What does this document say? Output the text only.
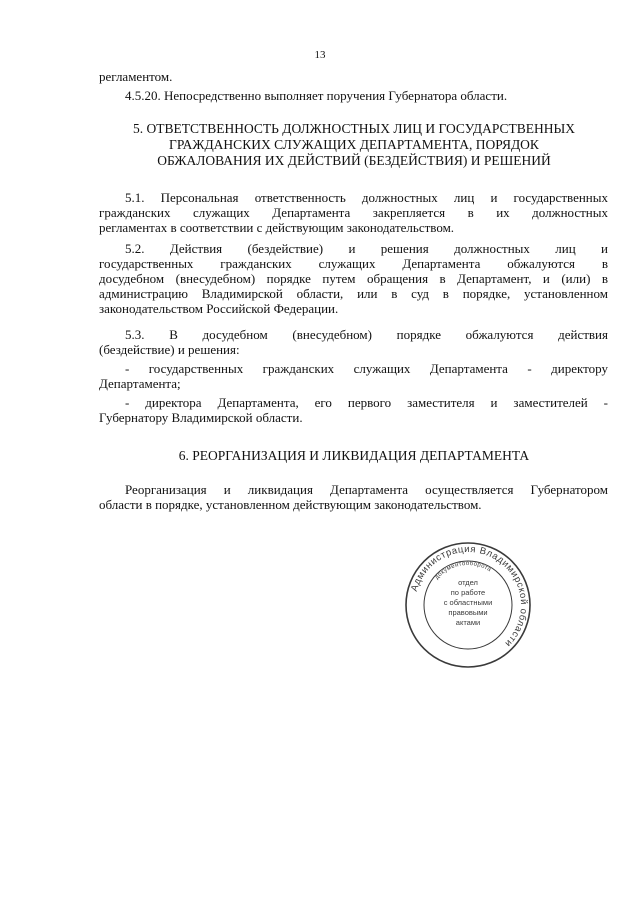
13
регламентом.
4.5.20. Непосредственно выполняет поручения Губернатора области.
5. ОТВЕТСТВЕННОСТЬ ДОЛЖНОСТНЫХ ЛИЦ И ГОСУДАРСТВЕННЫХ
ГРАЖДАНСКИХ СЛУЖАЩИХ ДЕПАРТАМЕНТА, ПОРЯДОК
ОБЖАЛОВАНИЯ ИХ ДЕЙСТВИЙ (БЕЗДЕЙСТВИЯ) И РЕШЕНИЙ
5.1. Персональная ответственность должностных лиц и государственных
гражданских служащих Департамента закрепляется в их должностных
регламентах в соответствии с действующим законодательством.
5.2. Действия (бездействие) и решения должностных лиц и
государственных гражданских служащих Департамента обжалуются в
досудебном (внесудебном) порядке путем обращения в Департамент, и (или) в
администрацию Владимирской области, или в суд в порядке, установленном
законодательством Российской Федерации.
5.3. В досудебном (внесудебном) порядке обжалуются действия
(бездействие) и решения:
- государственных гражданских служащих Департамента - директору
Департамента;
- директора Департамента, его первого заместителя и заместителей -
Губернатору Владимирской области.
6. РЕОРГАНИЗАЦИЯ И ЛИКВИДАЦИЯ ДЕПАРТАМЕНТА
Реорганизация и ликвидация Департамента осуществляется Губернатором
области в порядке, установленном действующим законодательством.
Администрация Владимирской области
документооборота
отдел
по работе
с областными
правовыми
актами
